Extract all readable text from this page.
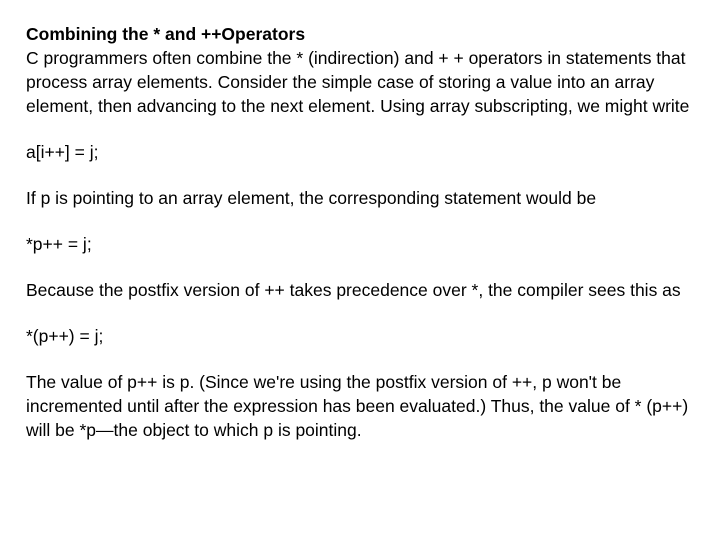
Combining the * and ++Operators

C programmers often combine the * (indirection) and + + operators in statements that process array elements. Consider the simple case of storing a value into an array element, then advancing to the next element. Using array subscripting, we might write

a[i++] = j;

If p is pointing to an array element, the corresponding statement would be

*p++ = j;

Because the postfix version of ++ takes precedence over *, the compiler sees this as

*(p++) = j;

The value of p++ is p. (Since we're using the postfix version of ++, p won't be incremented until after the expression has been evaluated.) Thus, the value of * (p++) will be *p—the object to which p is pointing.
